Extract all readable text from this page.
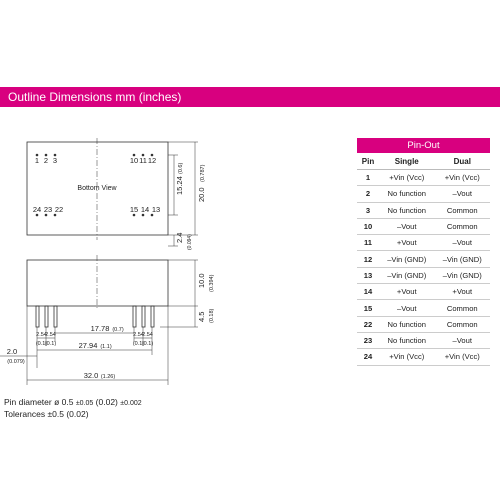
Outline Dimensions mm (inches)
1 2 3	10 11 12
24 23 22	15 14 13
Bottom View	15.24
(0.6)
20.0
(0.787)
2.4 (0.094)
10.0 (0.394)
4.5 (0.18)
2.54
(0.1)
2.54
(0.1)
2.54
(0.1)
2.54
(0.1)
17.78 (0.7)
27.94 (1.1)
2.0
(0.079)
32.0 (1.26)
Pin diameter ø 0.5 ±0.05 (0.02) ±0.002
Tolerances ±0.5 (0.02)
Pin-Out		
Pin	Single	Dual
1	+Vin (Vcc)	+Vin (Vcc)
2	No function	–Vout
3	No function	Common
10	–Vout	Common
11	+Vout	–Vout
12	–Vin (GND)	–Vin (GND)
13	–Vin (GND)	–Vin (GND)
14	+Vout	+Vout
15	–Vout	Common
22	No function	Common
23	No function	–Vout
24	+Vin (Vcc)	+Vin (Vcc)
